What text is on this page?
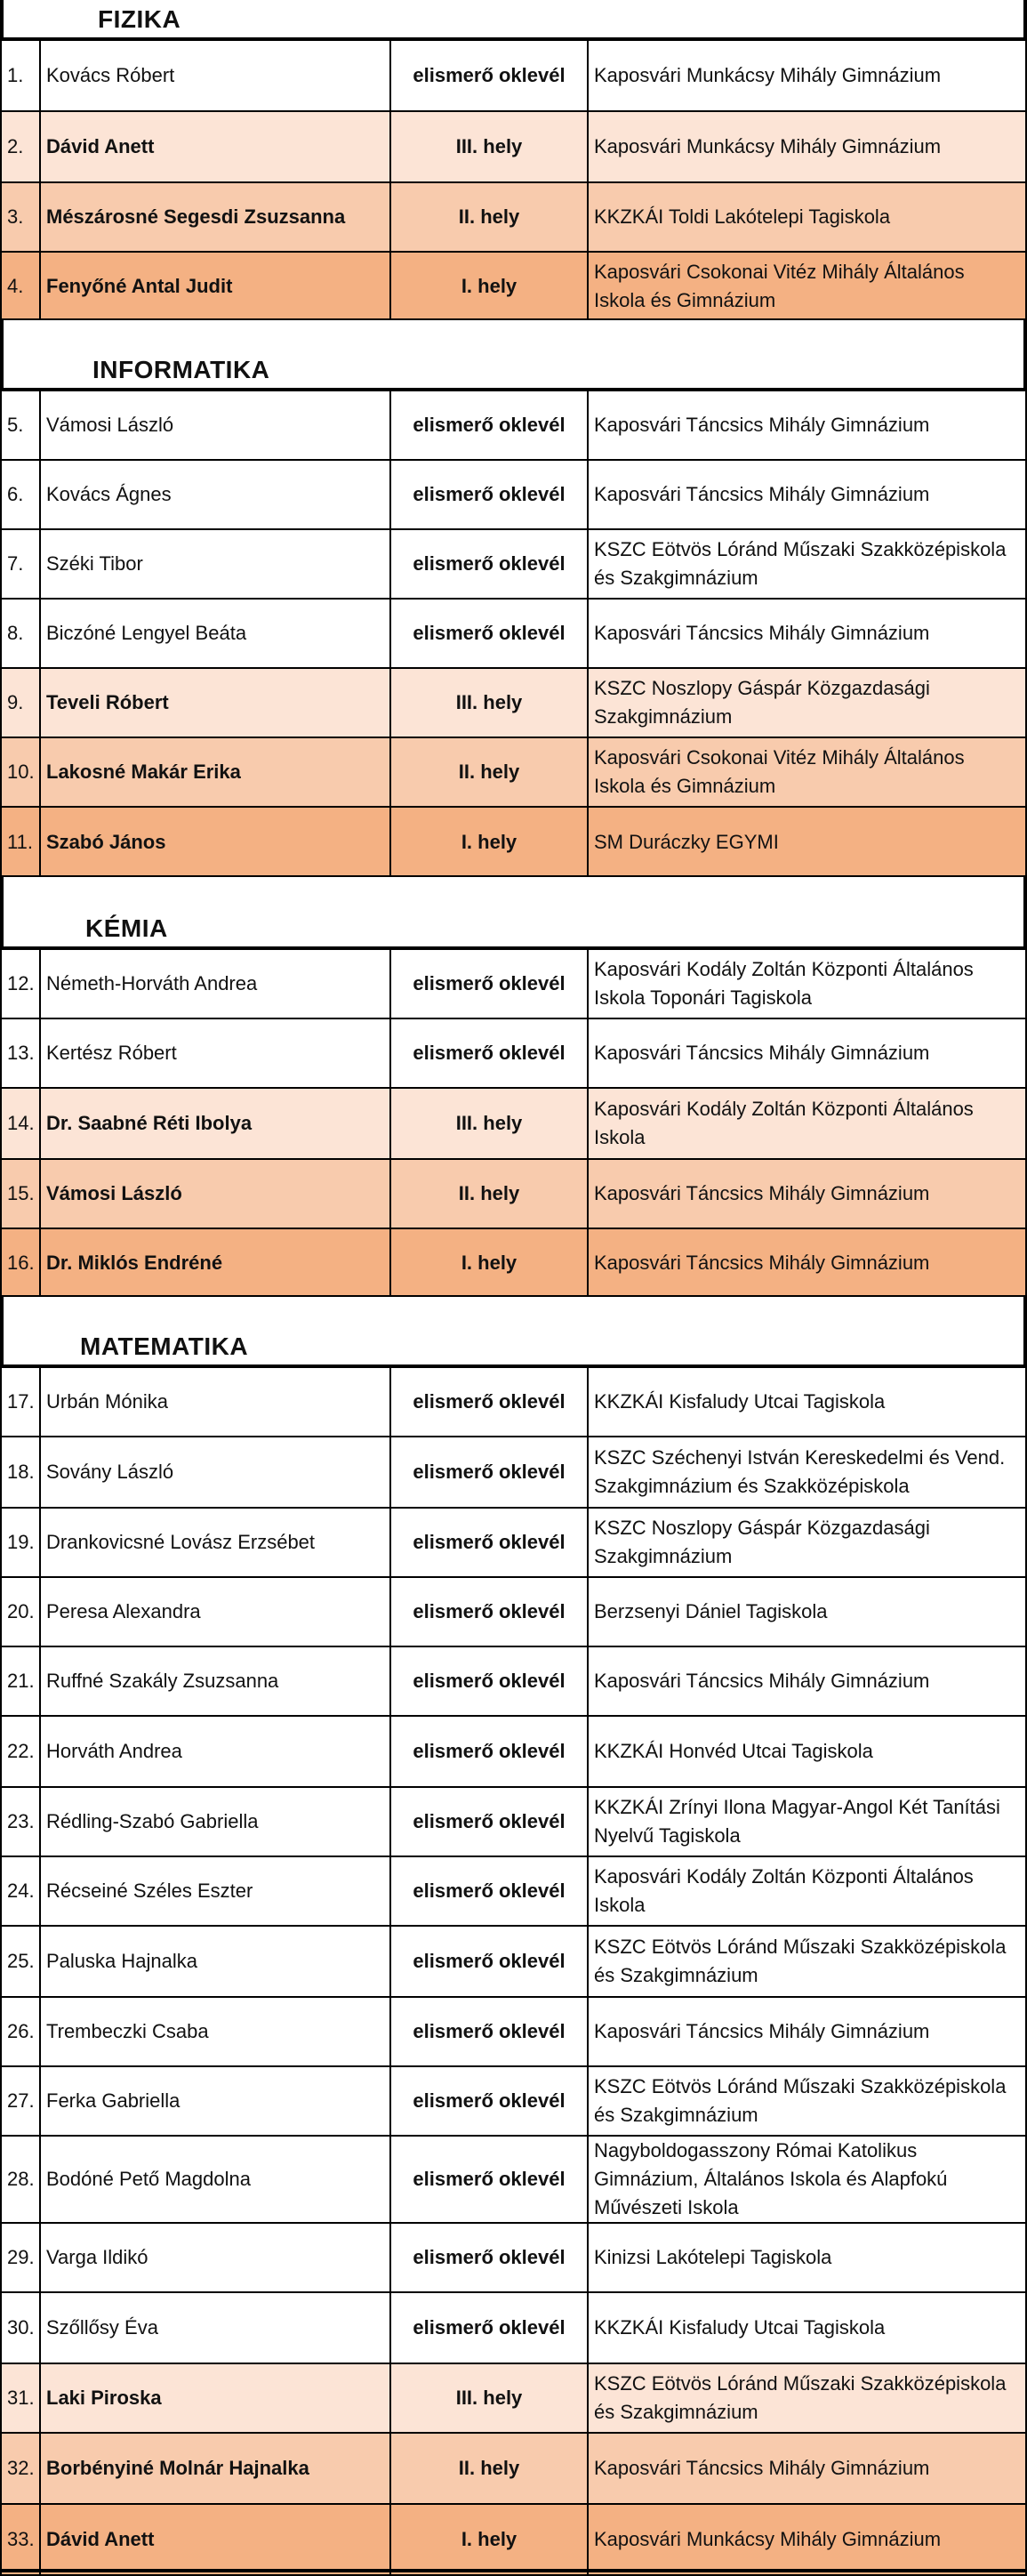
FIZIKA
1.	Kovács Róbert	elismerő oklevél	Kaposvári Munkácsy Mihály Gimnázium
2.	Dávid Anett	III. hely	Kaposvári Munkácsy Mihály Gimnázium
3.	Mészárosné Segesdi Zsuzsanna	II. hely	KKZKÁI Toldi Lakótelepi Tagiskola
4.	Fenyőné Antal Judit	I. hely	Kaposvári Csokonai Vitéz Mihály Általános Iskola és Gimnázium
INFORMATIKA
5.	Vámosi László	elismerő oklevél	Kaposvári Táncsics Mihály Gimnázium
6.	Kovács Ágnes	elismerő oklevél	Kaposvári Táncsics Mihály Gimnázium
7.	Széki Tibor	elismerő oklevél	KSZC Eötvös Lóránd Műszaki Szakközépiskola és Szakgimnázium
8.	Biczóné Lengyel Beáta	elismerő oklevél	Kaposvári Táncsics Mihály Gimnázium
9.	Teveli Róbert	III. hely	KSZC Noszlopy Gáspár Közgazdasági Szakgimnázium
10.	Lakosné Makár Erika	II. hely	Kaposvári Csokonai Vitéz Mihály Általános Iskola és Gimnázium
11.	Szabó János	I. hely	SM Duráczky EGYMI
KÉMIA
12.	Németh-Horváth Andrea	elismerő oklevél	Kaposvári Kodály Zoltán Központi Általános Iskola Toponári Tagiskola
13.	Kertész Róbert	elismerő oklevél	Kaposvári Táncsics Mihály Gimnázium
14.	Dr. Saabné Réti Ibolya	III. hely	Kaposvári Kodály Zoltán Központi Általános Iskola
15.	Vámosi László	II. hely	Kaposvári Táncsics Mihály Gimnázium
16.	Dr. Miklós Endréné	I. hely	Kaposvári Táncsics Mihály Gimnázium
MATEMATIKA
17.	Urbán Mónika	elismerő oklevél	KKZKÁI Kisfaludy Utcai Tagiskola
18.	Sovány László	elismerő oklevél	KSZC Széchenyi István Kereskedelmi és Vend. Szakgimnázium és Szakközépiskola
19.	Drankovicsné Lovász Erzsébet	elismerő oklevél	KSZC Noszlopy Gáspár Közgazdasági Szakgimnázium
20.	Peresa Alexandra	elismerő oklevél	Berzsenyi Dániel Tagiskola
21.	Ruffné Szakály Zsuzsanna	elismerő oklevél	Kaposvári Táncsics Mihály Gimnázium
22.	Horváth Andrea	elismerő oklevél	KKZKÁI Honvéd Utcai Tagiskola
23.	Rédling-Szabó Gabriella	elismerő oklevél	KKZKÁI Zrínyi Ilona Magyar-Angol Két Tanítási Nyelvű Tagiskola
24.	Récseiné Széles Eszter	elismerő oklevél	Kaposvári Kodály Zoltán Központi Általános Iskola
25.	Paluska Hajnalka	elismerő oklevél	KSZC Eötvös Lóránd Műszaki Szakközépiskola és Szakgimnázium
26.	Trembeczki Csaba	elismerő oklevél	Kaposvári Táncsics Mihály Gimnázium
27.	Ferka Gabriella	elismerő oklevél	KSZC Eötvös Lóránd Műszaki Szakközépiskola és Szakgimnázium
28.	Bodóné Pető Magdolna	elismerő oklevél	Nagyboldogasszony Római Katolikus Gimnázium, Általános Iskola és Alapfokú Művészeti Iskola
29.	Varga Ildikó	elismerő oklevél	Kinizsi Lakótelepi Tagiskola
30.	Szőllősy Éva	elismerő oklevél	KKZKÁI Kisfaludy Utcai Tagiskola
31.	Laki Piroska	III. hely	KSZC Eötvös Lóránd Műszaki Szakközépiskola és Szakgimnázium
32.	Borbényiné Molnár Hajnalka	II. hely	Kaposvári Táncsics Mihály Gimnázium
33.	Dávid Anett	I. hely	Kaposvári Munkácsy Mihály Gimnázium
